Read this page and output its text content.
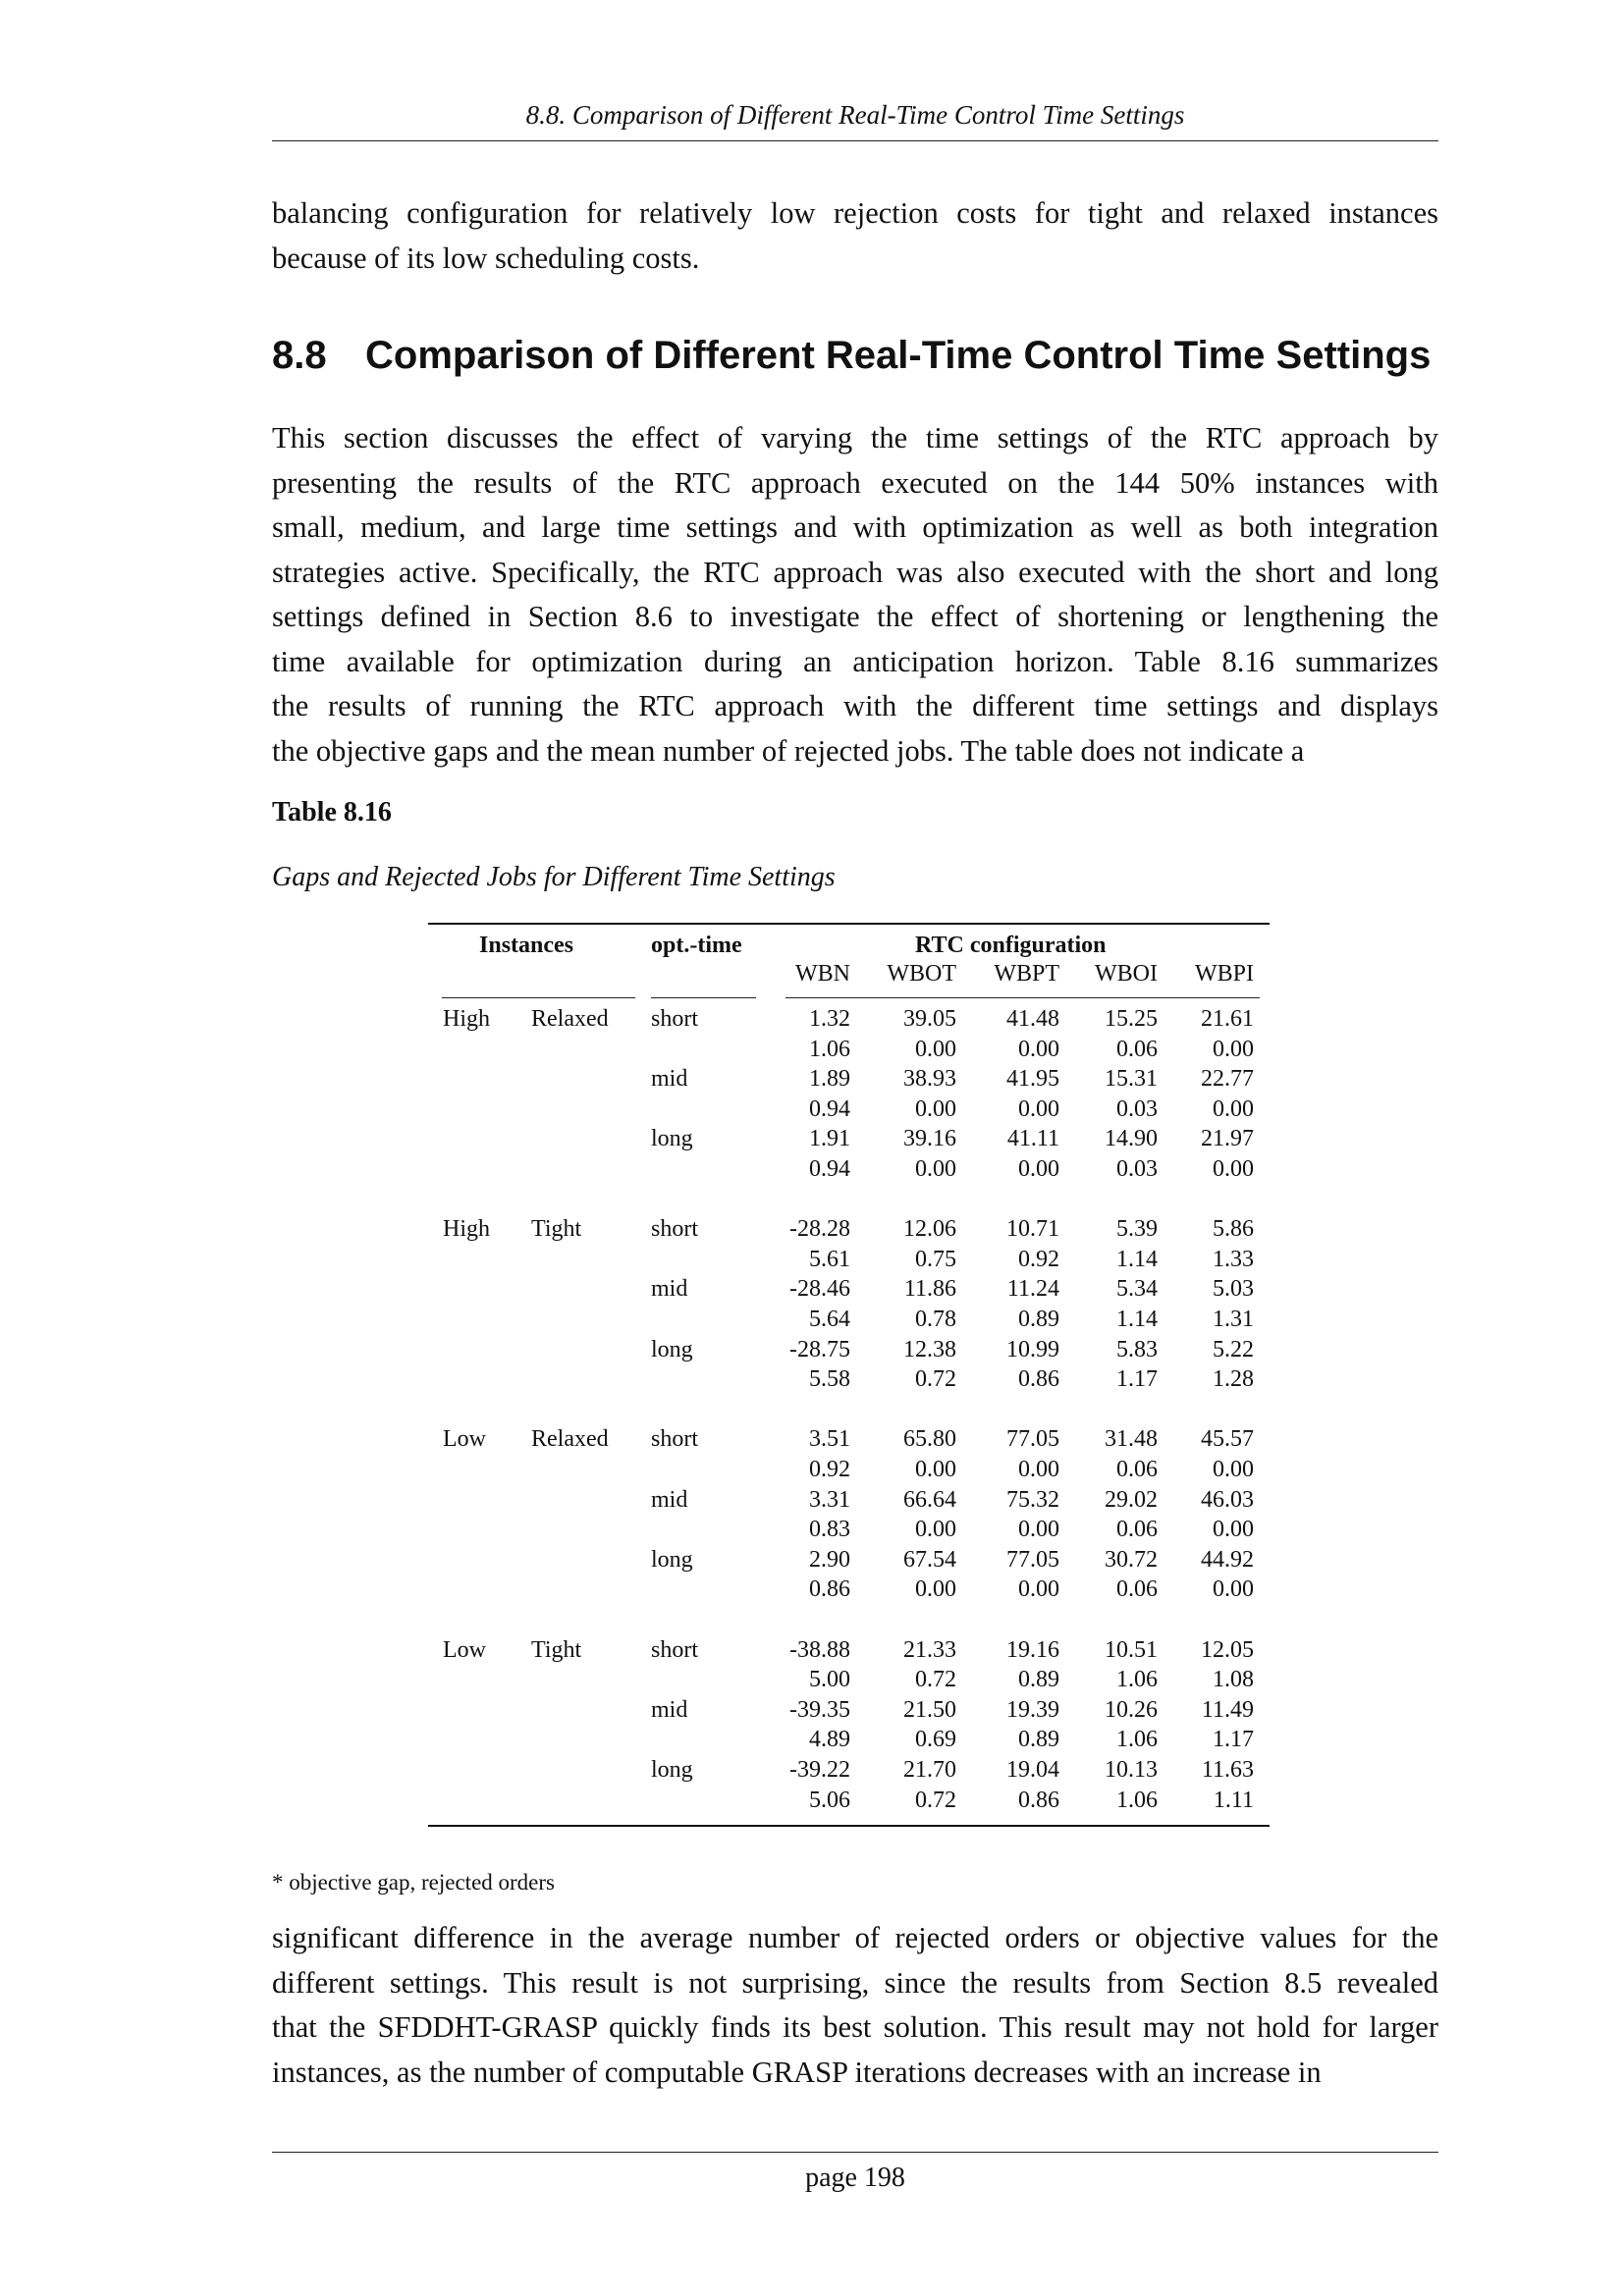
8.8. Comparison of Different Real-Time Control Time Settings
balancing configuration for relatively low rejection costs for tight and relaxed instances
because of its low scheduling costs.
8.8 Comparison of Different Real-Time Control Time Settings
This section discusses the effect of varying the time settings of the RTC approach by
presenting the results of the RTC approach executed on the 144 50% instances with
small, medium, and large time settings and with optimization as well as both integration
strategies active. Specifically, the RTC approach was also executed with the short and long
settings defined in Section 8.6 to investigate the effect of shortening or lengthening the
time available for optimization during an anticipation horizon. Table 8.16 summarizes
the results of running the RTC approach with the different time settings and displays
the objective gaps and the mean number of rejected jobs. The table does not indicate a
Table 8.16
Gaps and Rejected Jobs for Different Time Settings
Instances	opt.-time	RTC configuration
WBN WBOT WBPT WBOI WBPI
High Relaxed short	1.32 39.05 41.48 15.25 21.61
1.06	0.00	0.00 0.06 0.00
mid	1.89 38.93 41.95 15.31 22.77
0.94	0.00	0.00 0.03 0.00
long	1.91 39.16 41.11 14.90 21.97
0.94	0.00	0.00 0.03 0.00
High Tight	short	-28.28 12.06 10.71 5.39 5.86
5.61	0.75	0.92 1.14 1.33
mid	-28.46 11.86 11.24 5.34 5.03
5.64	0.78	0.89 1.14 1.31
long	-28.75 12.38 10.99 5.83 5.22
5.58	0.72	0.86 1.17 1.28
Low Relaxed short	3.51 65.80 77.05 31.48 45.57
0.92	0.00	0.00 0.06 0.00
mid	3.31 66.64 75.32 29.02 46.03
0.83	0.00	0.00 0.06 0.00
long	2.90 67.54 77.05 30.72 44.92
0.86	0.00	0.00 0.06 0.00
Low Tight	short	-38.88 21.33 19.16 10.51 12.05
5.00	0.72	0.89 1.06 1.08
mid	-39.35 21.50 19.39 10.26 11.49
4.89	0.69	0.89 1.06 1.17
long	-39.22 21.70 19.04 10.13 11.63
5.06	0.72	0.86 1.06 1.11
* objective gap, rejected orders
significant difference in the average number of rejected orders or objective values for the
different settings. This result is not surprising, since the results from Section 8.5 revealed
that the SFDDHT-GRASP quickly finds its best solution. This result may not hold for larger
instances, as the number of computable GRASP iterations decreases with an increase in
page 198
